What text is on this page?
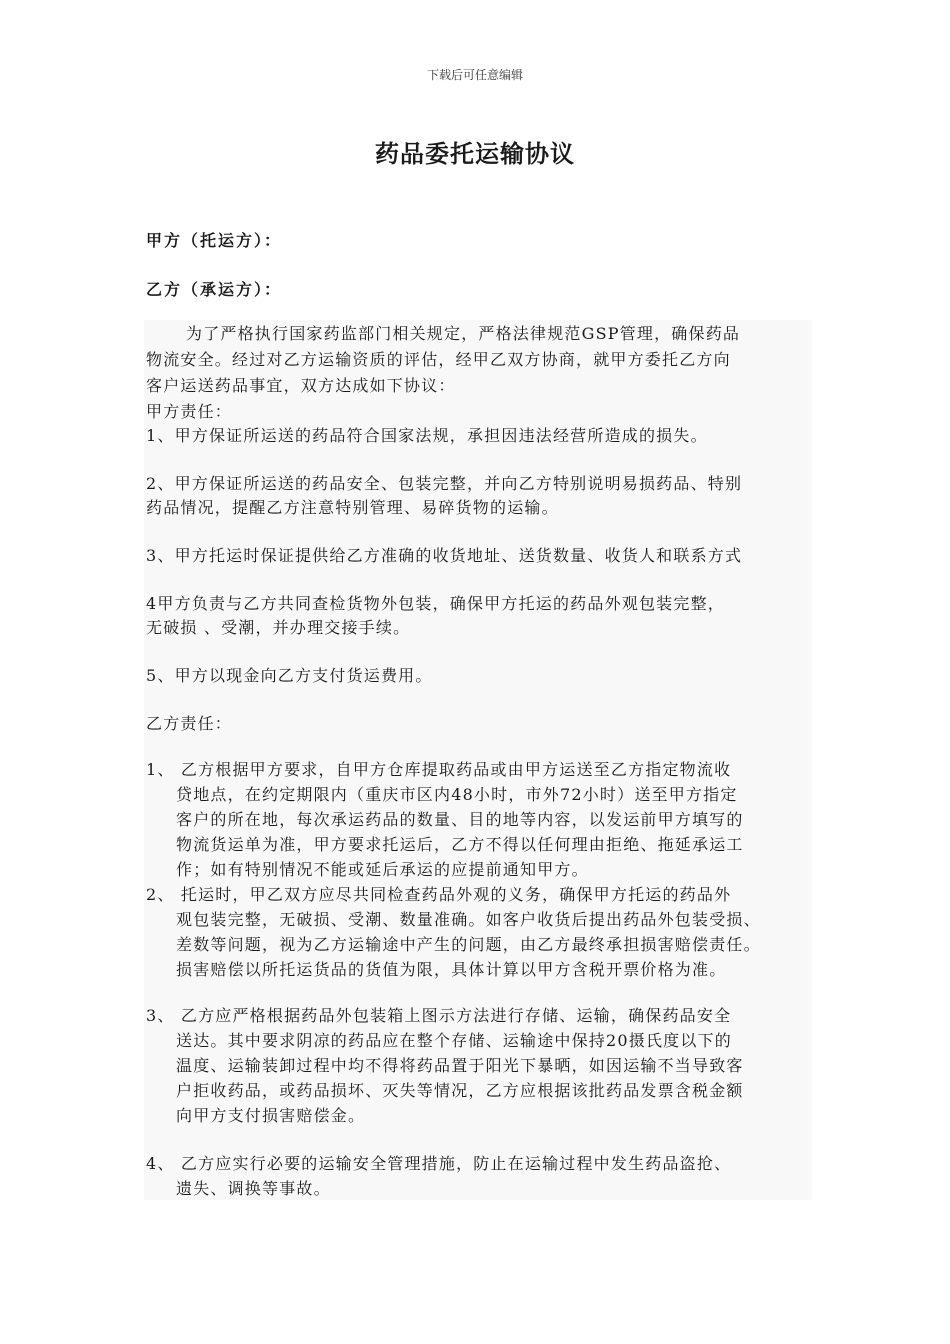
下载后可任意编辑
药品委托运输协议
甲方（托运方）：
乙方（承运方）：
为了严格执行国家药监部门相关规定，严格法律规范GSP管理，确保药品
物流安全。经过对乙方运输资质的评估，经甲乙双方协商，就甲方委托乙方向
客户运送药品事宜，双方达成如下协议：
甲方责任：
1、甲方保证所运送的药品符合国家法规，承担因违法经营所造成的损失。
2、甲方保证所运送的药品安全、包装完整，并向乙方特别说明易损药品、特别
药品情况，提醒乙方注意特别管理、易碎货物的运输。
3、甲方托运时保证提供给乙方准确的收货地址、送货数量、收货人和联系方式
4甲方负责与乙方共同查检货物外包装，确保甲方托运的药品外观包装完整，
无破损 、受潮，并办理交接手续。
5、甲方以现金向乙方支付货运费用。
乙方责任：
1、 乙方根据甲方要求，自甲方仓库提取药品或由甲方运送至乙方指定物流收
贷地点，在约定期限内（重庆市区内48小时，市外72小时）送至甲方指定
客户的所在地，每次承运药品的数量、目的地等内容，以发运前甲方填写的
物流货运单为准，甲方要求托运后，乙方不得以任何理由拒绝、拖延承运工
作；如有特别情况不能或延后承运的应提前通知甲方。
2、 托运时，甲乙双方应尽共同检查药品外观的义务，确保甲方托运的药品外
观包装完整，无破损、受潮、数量准确。如客户收货后提出药品外包装受损、
差数等问题，视为乙方运输途中产生的问题，由乙方最终承担损害赔偿责任。
损害赔偿以所托运货品的货值为限，具体计算以甲方含税开票价格为准。
3、 乙方应严格根据药品外包装箱上图示方法进行存储、运输，确保药品安全
送达。其中要求阴凉的药品应在整个存储、运输途中保持20摄氏度以下的
温度、运输装卸过程中均不得将药品置于阳光下暴晒，如因运输不当导致客
户拒收药品，或药品损坏、灭失等情况，乙方应根据该批药品发票含税金额
向甲方支付损害赔偿金。
4、 乙方应实行必要的运输安全管理措施，防止在运输过程中发生药品盗抢、
遗失、调换等事故。
